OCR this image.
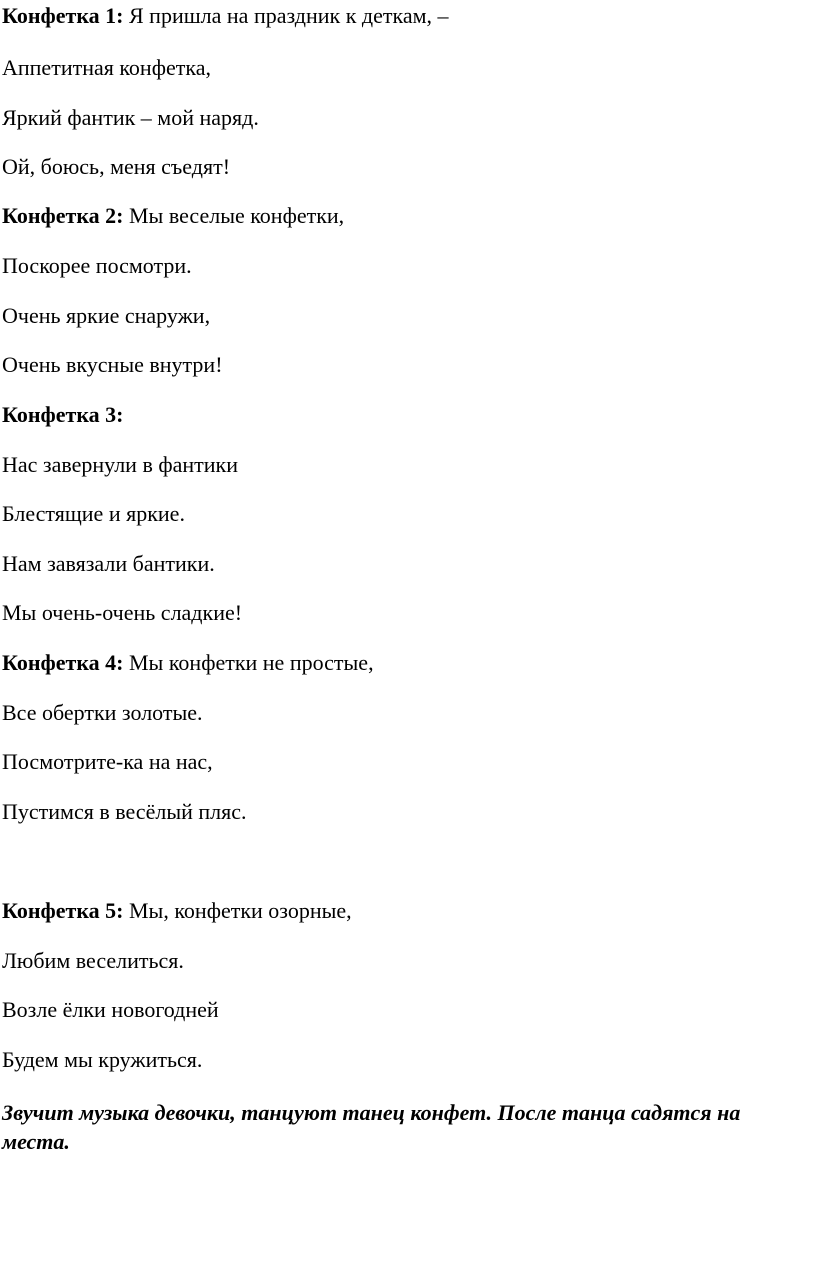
Конфетка 1: Я пришла на праздник к деткам, –
Аппетитная конфетка,
Яркий фантик – мой наряд.
Ой, боюсь, меня съедят!
Конфетка 2: Мы веселые конфетки,
Поскорее посмотри.
Очень яркие снаружи,
Очень вкусные внутри!
Конфетка 3:
Нас завернули в фантики
Блестящие и яркие.
Нам завязали бантики.
Мы очень-очень сладкие!
Конфетка 4: Мы конфетки не простые,
Все обертки золотые.
Посмотрите-ка на нас,
Пустимся в весёлый пляс.
Конфетка 5: Мы, конфетки озорные,
Любим веселиться.
Возле ёлки новогодней
Будем мы кружиться.
Звучит музыка девочки, танцуют танец конфет. После танца садятся на места.
